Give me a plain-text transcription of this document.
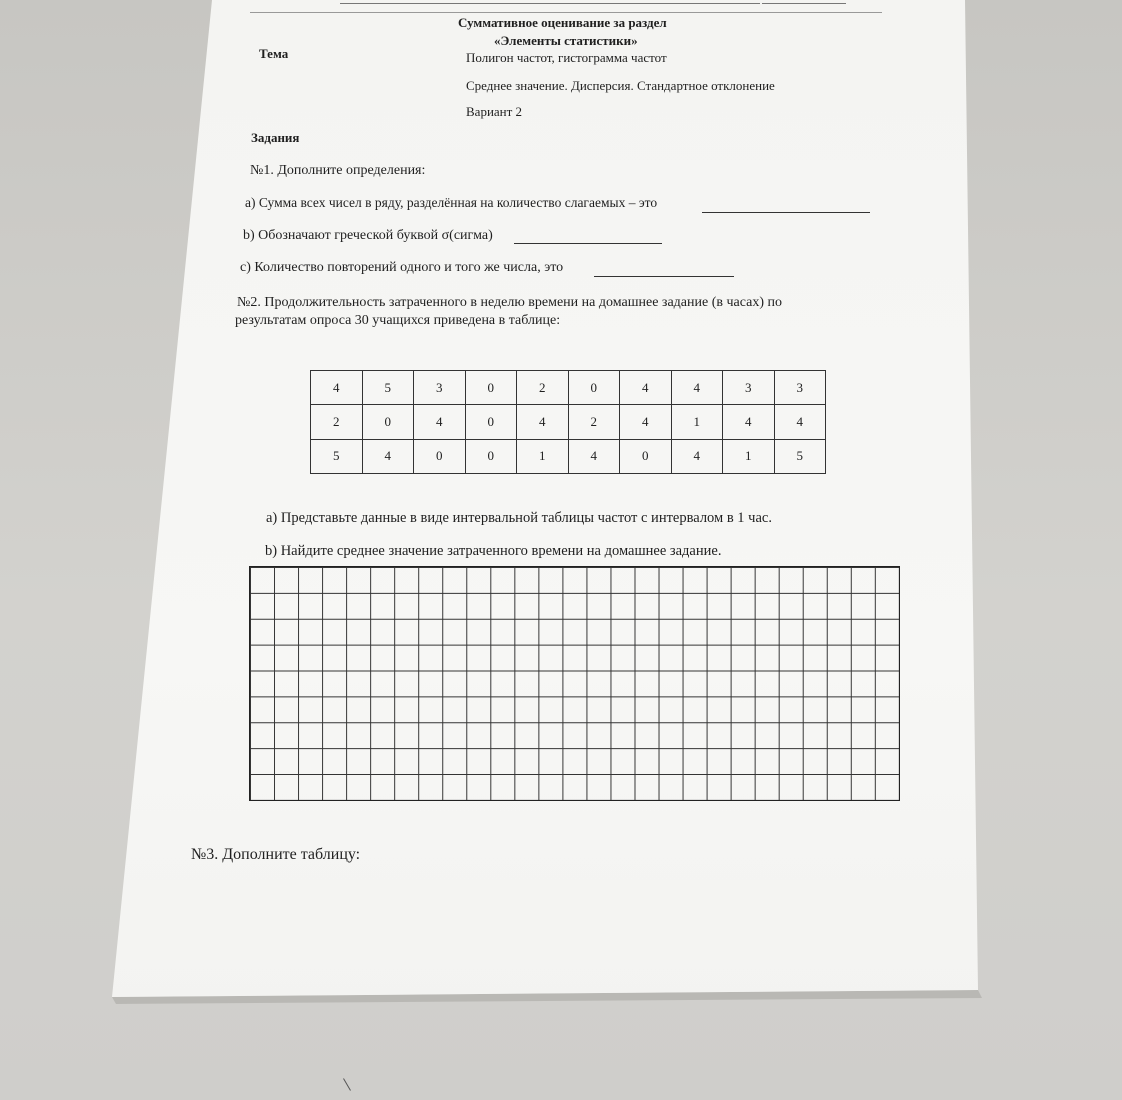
Суммативное оценивание за раздел
«Элементы статистики»
Тема	Полигон частот, гистограмма частот
Среднее значение. Дисперсия. Стандартное отклонение
Вариант 2
Задания
№1. Дополните определения:
а) Сумма всех чисел в ряду, разделённая на количество слагаемых – это
b) Обозначают греческой буквой σ(сигма)
с) Количество повторений одного и того же числа, это
№2. Продолжительность затраченного в неделю времени на домашнее задание (в часах) по
результатам опроса 30 учащихся приведена в таблице:
4	5	3	0	2	0	4	4	3	3
2	0	4	0	4	2	4	1	4	4
5	4	0	0	1	4	0	4	1	5
а) Представьте данные в виде интервальной таблицы частот с интервалом в 1 час.
b) Найдите среднее значение затраченного времени на домашнее задание.
№3. Дополните таблицу:
